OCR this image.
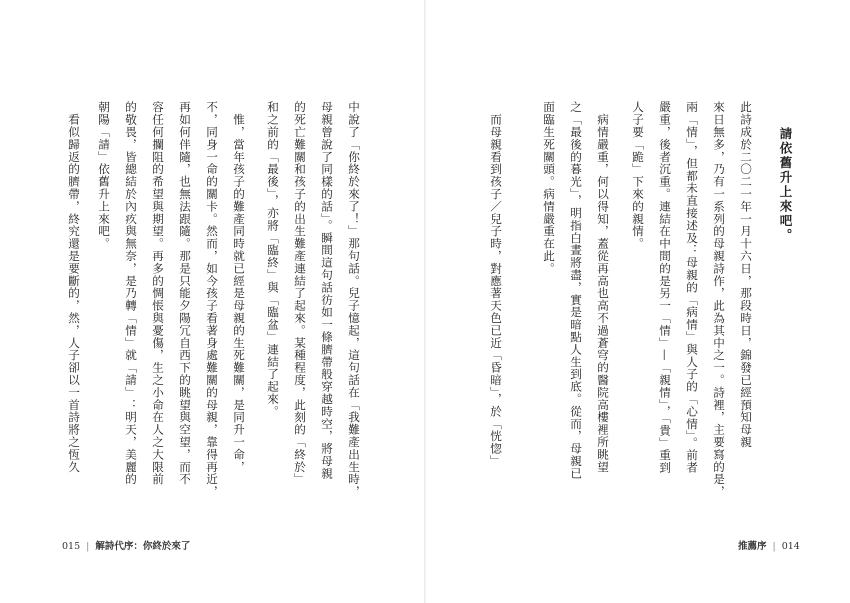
請依舊升上來吧。
此詩成於二〇二一年一月十六日，那段時日，錦發已經預知母親
來日無多，乃有一系列的母親詩作，此為其中之一。詩裡，主要寫的是，
兩「情」，但都未直接述及：母親的「病情」與人子的「心情」。前者
嚴重，後者沉重。連結在中間的是另一「情」—「親情」，「貴」重到
人子要「跪」下來的親情。
　病情嚴重，何以得知，蓋從再高也高不過蒼穹的醫院高樓裡所眺望
之「最後的暮光」，明指白晝將盡，實是暗點人生到底。從而，母親已
面臨生死關頭。病情嚴重在此。
　而母親看到孩子／兒子時，對應著天色已近「昏暗」，於「恍惚」
推薦序 | 014
中說了「你終於來了！」那句話。兒子憶起，這句話在「我難產出生時，
母親曾說了同樣的話」。瞬間這句話彷如一條臍帶般穿越時空，將母親
的死亡難關和孩子的出生難產連結了起來。某種程度，此刻的「終於」
和之前的「最後」，亦將「臨終」與「臨盆」連結了起來。
　惟，當年孩子的難產同時就已經是母親的生死難關，是同升一命，
不，同身一命的關卡。然而，如今孩子看著身處難關的母親，靠得再近，
再如何伴隨，也無法跟隨。那是只能夕陽冗自西下的眺望與空望，而不
容任何攔阻的希望與期望。再多的惆悵與憂傷，生之小命在人之大限前
的敬畏，皆總結於內疚與無奈，是乃轉「情」就「請」：明天，美麗的
朝陽「請」依舊升上來吧。
　看似歸返的臍帶，終究還是要斷的，然，人子卻以一首詩將之恆久
015 | 解詩代序：你終於來了
